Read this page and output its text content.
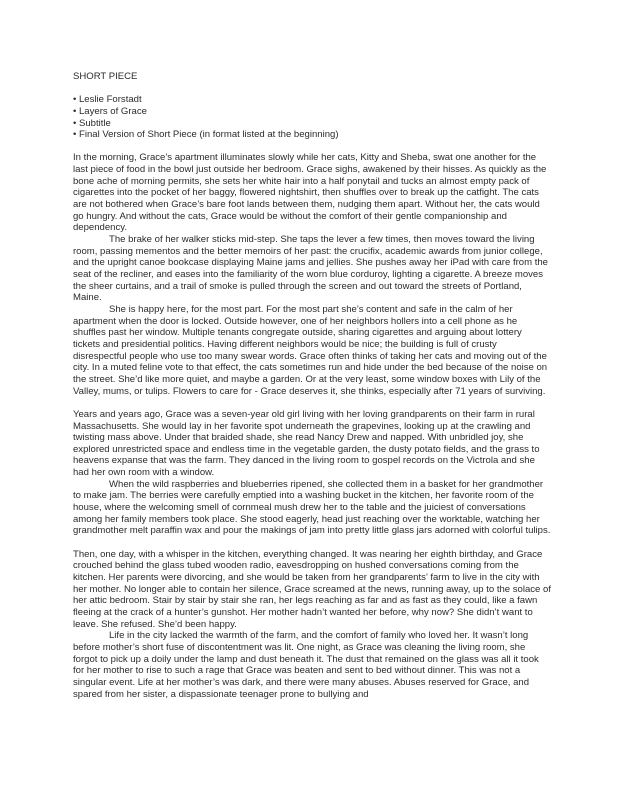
SHORT PIECE
• Leslie Forstadt
• Layers of Grace
• Subtitle
• Final Version of Short Piece (in format listed at the beginning)

In the morning, Grace’s apartment illuminates slowly while her cats, Kitty and Sheba, swat one another for the last piece of food in the bowl just outside her bedroom. Grace sighs, awakened by their hisses. As quickly as the bone ache of morning permits, she sets her white hair into a half ponytail and tucks an almost empty pack of cigarettes into the pocket of her baggy, flowered nightshirt, then shuffles over to break up the catfight. The cats are not bothered when Grace’s bare foot lands between them, nudging them apart. Without her, the cats would go hungry. And without the cats, Grace would be without the comfort of their gentle companionship and dependency.

The brake of her walker sticks mid-step. She taps the lever a few times, then moves toward the living room, passing mementos and the better memoirs of her past: the crucifix, academic awards from junior college, and the upright canoe bookcase displaying Maine jams and jellies. She pushes away her iPad with care from the seat of the recliner, and eases into the familiarity of the worn blue corduroy, lighting a cigarette. A breeze moves the sheer curtains, and a trail of smoke is pulled through the screen and out toward the streets of Portland, Maine.

She is happy here, for the most part. For the most part she’s content and safe in the calm of her apartment when the door is locked. Outside however, one of her neighbors hollers into a cell phone as he shuffles past her window. Multiple tenants congregate outside, sharing cigarettes and arguing about lottery tickets and presidential politics. Having different neighbors would be nice; the building is full of crusty disrespectful people who use too many swear words. Grace often thinks of taking her cats and moving out of the city. In a muted feline vote to that effect, the cats sometimes run and hide under the bed because of the noise on the street. She’d like more quiet, and maybe a garden. Or at the very least, some window boxes with Lily of the Valley, mums, or tulips. Flowers to care for - Grace deserves it, she thinks, especially after 71 years of surviving.

Years and years ago, Grace was a seven-year old girl living with her loving grandparents on their farm in rural Massachusetts. She would lay in her favorite spot underneath the grapevines, looking up at the crawling and twisting mass above. Under that braided shade, she read Nancy Drew and napped. With unbridled joy, she explored unrestricted space and endless time in the vegetable garden, the dusty potato fields, and the grass to heavens expanse that was the farm. They danced in the living room to gospel records on the Victrola and she had her own room with a window.

When the wild raspberries and blueberries ripened, she collected them in a basket for her grandmother to make jam. The berries were carefully emptied into a washing bucket in the kitchen, her favorite room of the house, where the welcoming smell of cornmeal mush drew her to the table and the juiciest of conversations among her family members took place. She stood eagerly, head just reaching over the worktable, watching her grandmother melt paraffin wax and pour the makings of jam into pretty little glass jars adorned with colorful tulips.

Then, one day, with a whisper in the kitchen, everything changed. It was nearing her eighth birthday, and Grace crouched behind the glass tubed wooden radio, eavesdropping on hushed conversations coming from the kitchen. Her parents were divorcing, and she would be taken from her grandparents’ farm to live in the city with her mother. No longer able to contain her silence, Grace screamed at the news, running away, up to the solace of her attic bedroom. Stair by stair by stair she ran, her legs reaching as far and as fast as they could, like a fawn fleeing at the crack of a hunter’s gunshot. Her mother hadn’t wanted her before, why now? She didn’t want to leave. She refused. She’d been happy.

Life in the city lacked the warmth of the farm, and the comfort of family who loved her. It wasn’t long before mother’s short fuse of discontentment was lit. One night, as Grace was cleaning the living room, she forgot to pick up a doily under the lamp and dust beneath it. The dust that remained on the glass was all it took for her mother to rise to such a rage that Grace was beaten and sent to bed without dinner. This was not a singular event. Life at her mother’s was dark, and there were many abuses. Abuses reserved for Grace, and spared from her sister, a dispassionate teenager prone to bullying and
